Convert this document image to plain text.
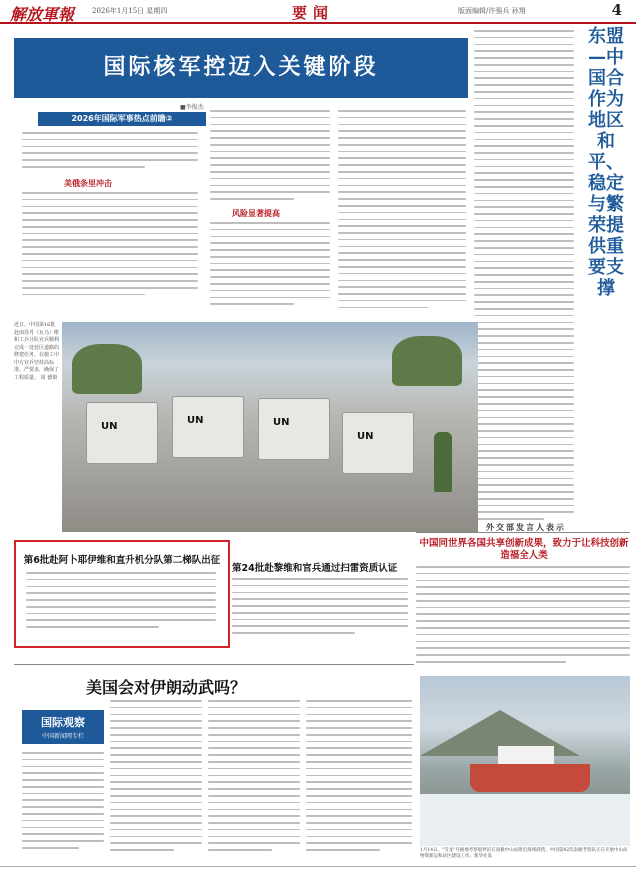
解放軍報	2026年1月15日 星期四	要闻	版面编辑/许强兵 孙翔	4
国际核军控迈入关键阶段
■李俊杰
2026年国际军事热点前瞻②
美俄条里冲击
风险显著提高
东盟—中国合作为地区和平、稳定与繁荣提供重要支撑
近日，中国第16批赴南苏丹（瓦乌）维和工兵分队官兵顺利完成一处营区道路的修建任务，在施工中中方官兵坚持高标准、严要求，确保了工程质量。 周 德摄
UN
UN	UN
UN
第6批赴阿卜耶伊维和直升机分队第二梯队出征
第24批赴黎维和官兵通过扫雷资质认证
外交部发言人表示
中国同世界各国共享创新成果，致力于让科技创新造福全人类
美国会对伊朗动武吗？
国际观察
中国新闻网专栏
1月14日，"雪龙"号极地考察船停泊在南极中山站附近海域卸货。中国第42次南极考察队正在开展中山站物资卸运和站区建设工作。新华社发
